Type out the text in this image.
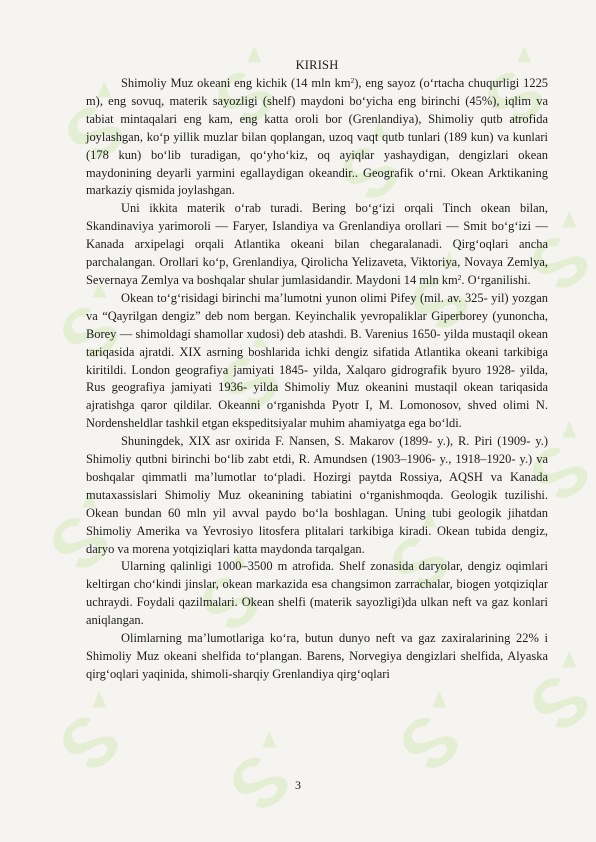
KIRISH

Shimoliy Muz okeani eng kichik (14 mln $km^2$), eng sayoz (o‘rtacha chuqurligi 1225 m), eng sovuq, materik sayozligi (shelf) maydoni bo‘yicha eng birinchi (45%), iqlim va tabiat mintaqalari eng kam, eng katta oroli bor (Grenlandiya), Shimoliy qutb atrofida joylashgan, ko‘p yillik muzlar bilan qoplangan, uzoq vaqt qutb tunlari (189 kun) va kunlari (178 kun) bo‘lib turadigan, qo‘yho‘kiz, oq ayiqlar yashaydigan, dengizlari okean maydonining deyarli yarmini egallaydigan okeandir.. Geografik o‘rni. Okean Arktikaning markaziy qismida joylashgan.

Uni ikkita materik o‘rab turadi. Bering bo‘g‘izi orqali Tinch okean bilan, Skandinaviya yarimoroli — Faryer, Islandiya va Grenlandiya orollari — Smit bo‘g‘izi — Kanada arxipelagi orqali Atlantika okeani bilan chegaralanadi. Qirg‘oqlari ancha parchalangan. Orollari ko‘p, Grenlandiya, Qirolicha Yelizaveta, Viktoriya, Novaya Zemlya, Severnaya Zemlya va boshqalar shular jumlasidandir. Maydoni 14 mln $km^2$. O‘rganilishi.

Okean to‘g‘risidagi birinchi ma’lumotni yunon olimi Pifey (mil. av. 325- yil) yozgan va “Qayrilgan dengiz” deb nom bergan. Keyinchalik yevropaliklar Giperborey (yunoncha, Borey — shimoldagi shamollar xudosi) deb atashdi. B. Varenius 1650- yilda mustaqil okean tariqasida ajratdi. XIX asrning boshlarida ichki dengiz sifatida Atlantika okeani tarkibiga kiritildi. London geografiya jamiyati 1845- yilda, Xalqaro gidrografik byuro 1928- yilda, Rus geografiya jamiyati 1936- yilda Shimoliy Muz okeanini mustaqil okean tariqasida ajratishga qaror qildilar. Okeanni o‘rganishda Pyotr I, M. Lomonosov, shved olimi N. Nordensheldlar tashkil etgan ekspeditsiyalar muhim ahamiyatga ega bo‘ldi.

Shuningdek, XIX asr oxirida F. Nansen, S. Makarov (1899- y.), R. Piri (1909- y.) Shimoliy qutbni birinchi bo‘lib zabt etdi, R. Amundsen (1903–1906- y., 1918–1920- y.) va boshqalar qimmatli ma’lumotlar to‘pladi. Hozirgi paytda Rossiya, AQSH va Kanada mutaxassislari Shimoliy Muz okeanining tabiatini o‘rganishmoqda. Geologik tuzilishi. Okean bundan 60 mln yil avval paydo bo‘la boshlagan. Uning tubi geologik jihatdan Shimoliy Amerika va Yevrosiyo litosfera plitalari tarkibiga kiradi. Okean tubida dengiz, daryo va morena yotqiziqlari katta maydonda tarqalgan.

Ularning qalinligi 1000–3500 m atrofida. Shelf zonasida daryolar, dengiz oqimlari keltirgan cho‘kindi jinslar, okean markazida esa changsimon zarrachalar, biogen yotqiziqlar uchraydi. Foydali qazilmalari. Okean shelfi (materik sayozligi)da ulkan neft va gaz konlari aniqlangan.

Olimlarning ma’lumotlariga ko‘ra, butun dunyo neft va gaz zaxiralarining 22% i Shimoliy Muz okeani shelfida to‘plangan. Barens, Norvegiya dengizlari shelfida, Alyaska qirg‘oqlari yaqinida, shimoli-sharqiy Grenlandiya qirg‘oqlari

3
